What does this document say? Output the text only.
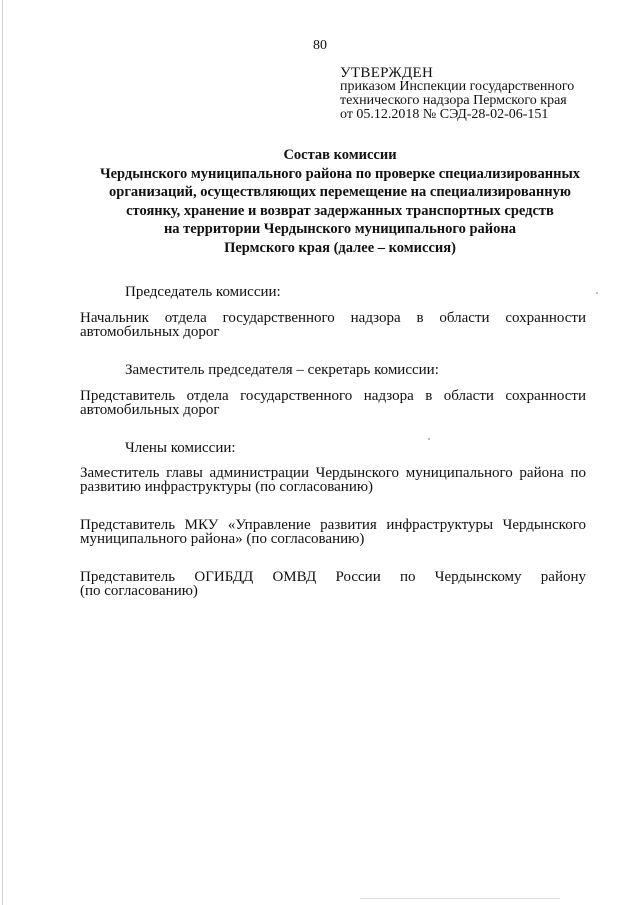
80
УТВЕРЖДЕН
приказом Инспекции государственного
технического надзора Пермского края
от 05.12.2018 № СЭД-28-02-06-151
Состав комиссии
Чердынского муниципального района по проверке специализированных
организаций, осуществляющих перемещение на специализированную
стоянку, хранение и возврат задержанных транспортных средств
на территории Чердынского муниципального района
Пермского края (далее – комиссия)
Председатель комиссии:
Начальник отдела государственного надзора в области сохранности
автомобильных дорог
Заместитель председателя – секретарь комиссии:
Представитель отдела государственного надзора в области сохранности
автомобильных дорог
Члены комиссии:
Заместитель главы администрации Чердынского муниципального района по
развитию инфраструктуры (по согласованию)
Представитель МКУ «Управление развития инфраструктуры Чердынского
муниципального района» (по согласованию)
Представитель ОГИБДД ОМВД России по Чердынскому району
(по согласованию)
